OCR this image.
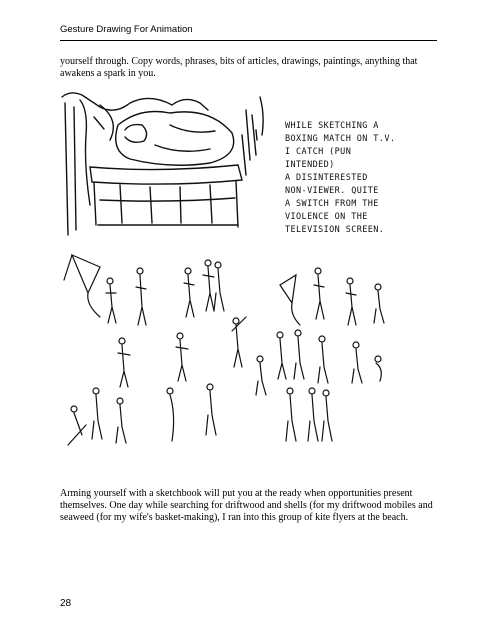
Gesture Drawing For Animation

yourself through. Copy words, phrases, bits of articles, drawings, paintings, anything that awakens a spark in you.

WHILE SKETCHING A
BOXING MATCH ON T.V.
I CATCH (PUN INTENDED)
A DISINTERESTED
NON-VIEWER. QUITE
A SWITCH FROM THE
VIOLENCE ON THE
TELEVISION SCREEN.

Arming yourself with a sketchbook will put you at the ready when opportunities present themselves. One day while searching for driftwood and shells (for my driftwood mobiles and seaweed (for my wife's basket-making), I ran into this group of kite flyers at the beach.

28
